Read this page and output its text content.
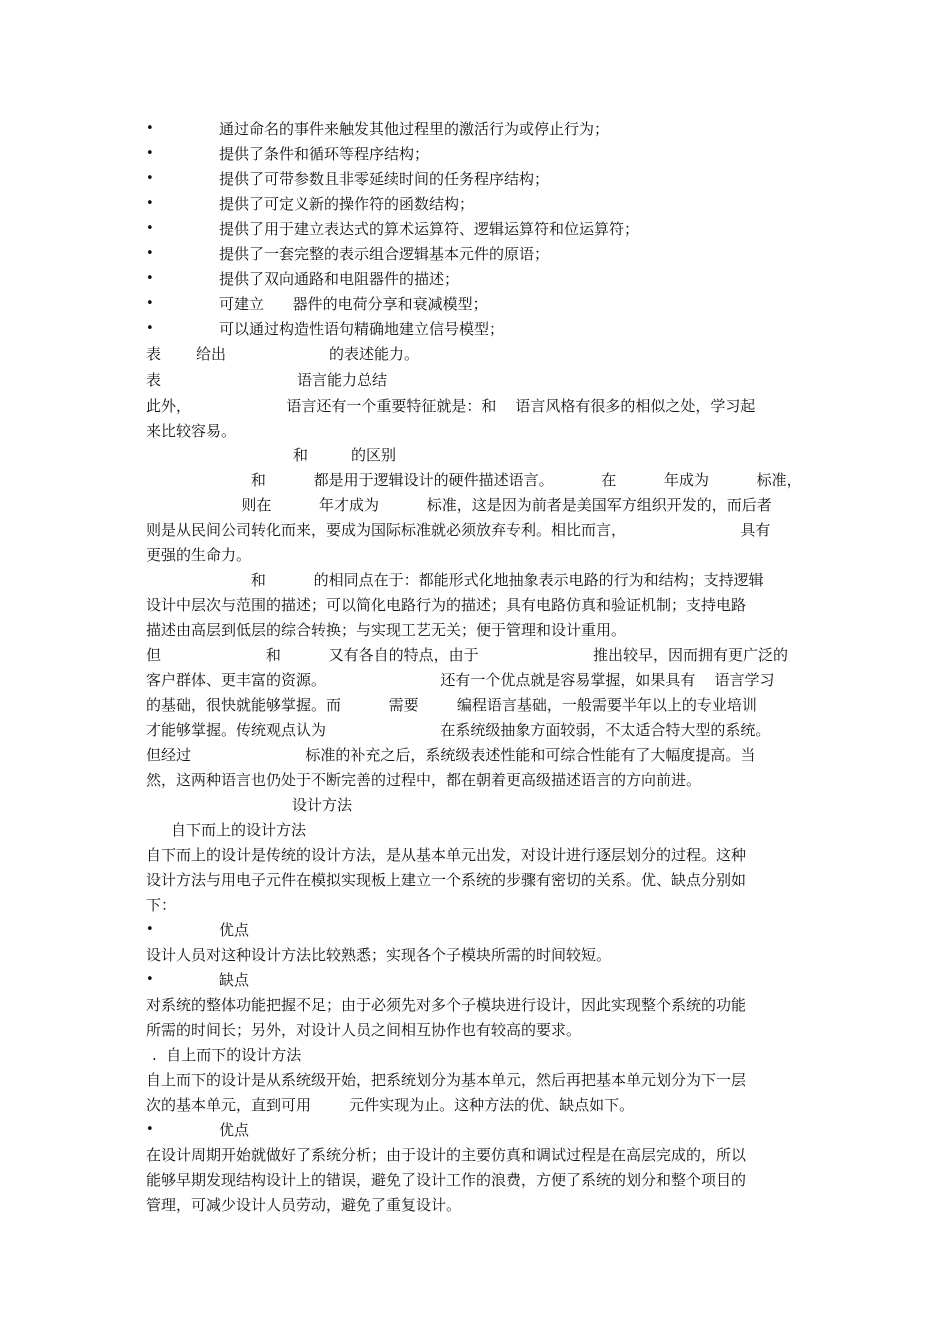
•	通过命名的事件来触发其他过程里的激活行为或停止行为；
•	提供了条件和循环等程序结构；
•	提供了可带参数且非零延续时间的任务程序结构；
•	提供了可定义新的操作符的函数结构；
•	提供了用于建立表达式的算术运算符、逻辑运算符和位运算符；
•	提供了一套完整的表示组合逻辑基本元件的原语；
•	提供了双向通路和电阻器件的描述；
•	可建立      器件的电荷分享和衰减模型；
•	可以通过构造性语句精确地建立信号模型；
表 给出	的表述能力。
表	语言能力总结
此外，                    语言还有一个重要特征就是：和    语言风格有很多的相似之处，学习起
来比较容易。
和	的区别
和          都是用于逻辑设计的硬件描述语言。          在          年成为          标准，
则在          年才成为          标准，这是因为前者是美国军方组织开发的，而后者
则是从民间公司转化而来，要成为国际标准就必须放弃专利。相比而言，                        具有
更强的生命力。
和          的相同点在于：都能形式化地抽象表示电路的行为和结构；支持逻辑
设计中层次与范围的描述；可以简化电路行为的描述；具有电路仿真和验证机制；支持电路
描述由高层到低层的综合转换；与实现工艺无关；便于管理和设计重用。
但                      和          又有各自的特点，由于                        推出较早，因而拥有更广泛的
客户群体、更丰富的资源。                        还有一个优点就是容易掌握，如果具有    语言学习
的基础，很快就能够掌握。而          需要        编程语言基础，一般需要半年以上的专业培训
才能够掌握。传统观点认为                        在系统级抽象方面较弱，不太适合特大型的系统。
但经过                        标准的补充之后，系统级表述性能和可综合性能有了大幅度提高。当
然，这两种语言也仍处于不断完善的过程中，都在朝着更高级描述语言的方向前进。
设计方法
自下而上的设计方法
自下而上的设计是传统的设计方法，是从基本单元出发，对设计进行逐层划分的过程。这种
设计方法与用电子元件在模拟实现板上建立一个系统的步骤有密切的关系。优、缺点分别如
下：
•	优点
设计人员对这种设计方法比较熟悉；实现各个子模块所需的时间较短。
•	缺点
对系统的整体功能把握不足；由于必须先对多个子模块进行设计，因此实现整个系统的功能
所需的时间长；另外，对设计人员之间相互协作也有较高的要求。
.  自上而下的设计方法
自上而下的设计是从系统级开始，把系统划分为基本单元，然后再把基本单元划分为下一层
次的基本单元，直到可用        元件实现为止。这种方法的优、缺点如下。
•	优点
在设计周期开始就做好了系统分析；由于设计的主要仿真和调试过程是在高层完成的，所以
能够早期发现结构设计上的错误，避免了设计工作的浪费，方便了系统的划分和整个项目的
管理，可减少设计人员劳动，避免了重复设计。
